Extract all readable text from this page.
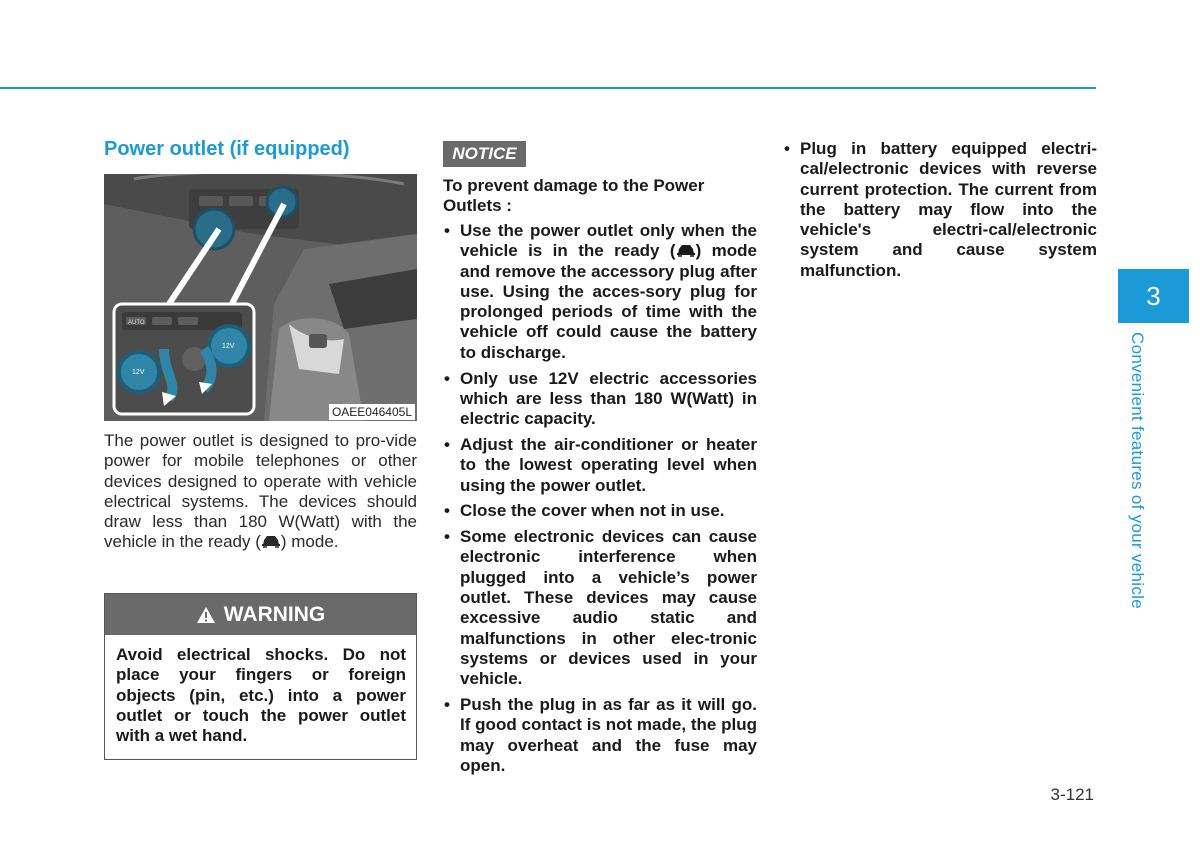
Power outlet (if equipped)
12V
12V
AUTO
OAEE046405L

The power outlet is designed to pro-vide power for mobile telephones or other devices designed to operate with vehicle electrical systems. The devices should draw less than 180 W(Watt) with the vehicle in the ready ( ) mode.

WARNING

Avoid electrical shocks. Do not place your fingers or foreign objects (pin, etc.) into a power outlet or touch the power outlet with a wet hand.

NOTICE

To prevent damage to the Power Outlets :

• Use the power outlet only when the vehicle is in the ready ( ) mode and remove the accessory plug after use. Using the acces-sory plug for prolonged periods of time with the vehicle off could cause the battery to discharge.
• Only use 12V electric accessories which are less than 180 W(Watt) in electric capacity.
• Adjust the air-conditioner or heater to the lowest operating level when using the power outlet.
• Close the cover when not in use.
• Some electronic devices can cause electronic interference when plugged into a vehicle’s power outlet. These devices may cause excessive audio static and malfunctions in other elec-tronic systems or devices used in your vehicle.
• Push the plug in as far as it will go. If good contact is not made, the plug may overheat and the fuse may open.
• Plug in battery equipped electri-cal/electronic devices with reverse current protection. The current from the battery may flow into the vehicle's electri-cal/electronic system and cause system malfunction.
3
Convenient features of your vehicle
3-121
